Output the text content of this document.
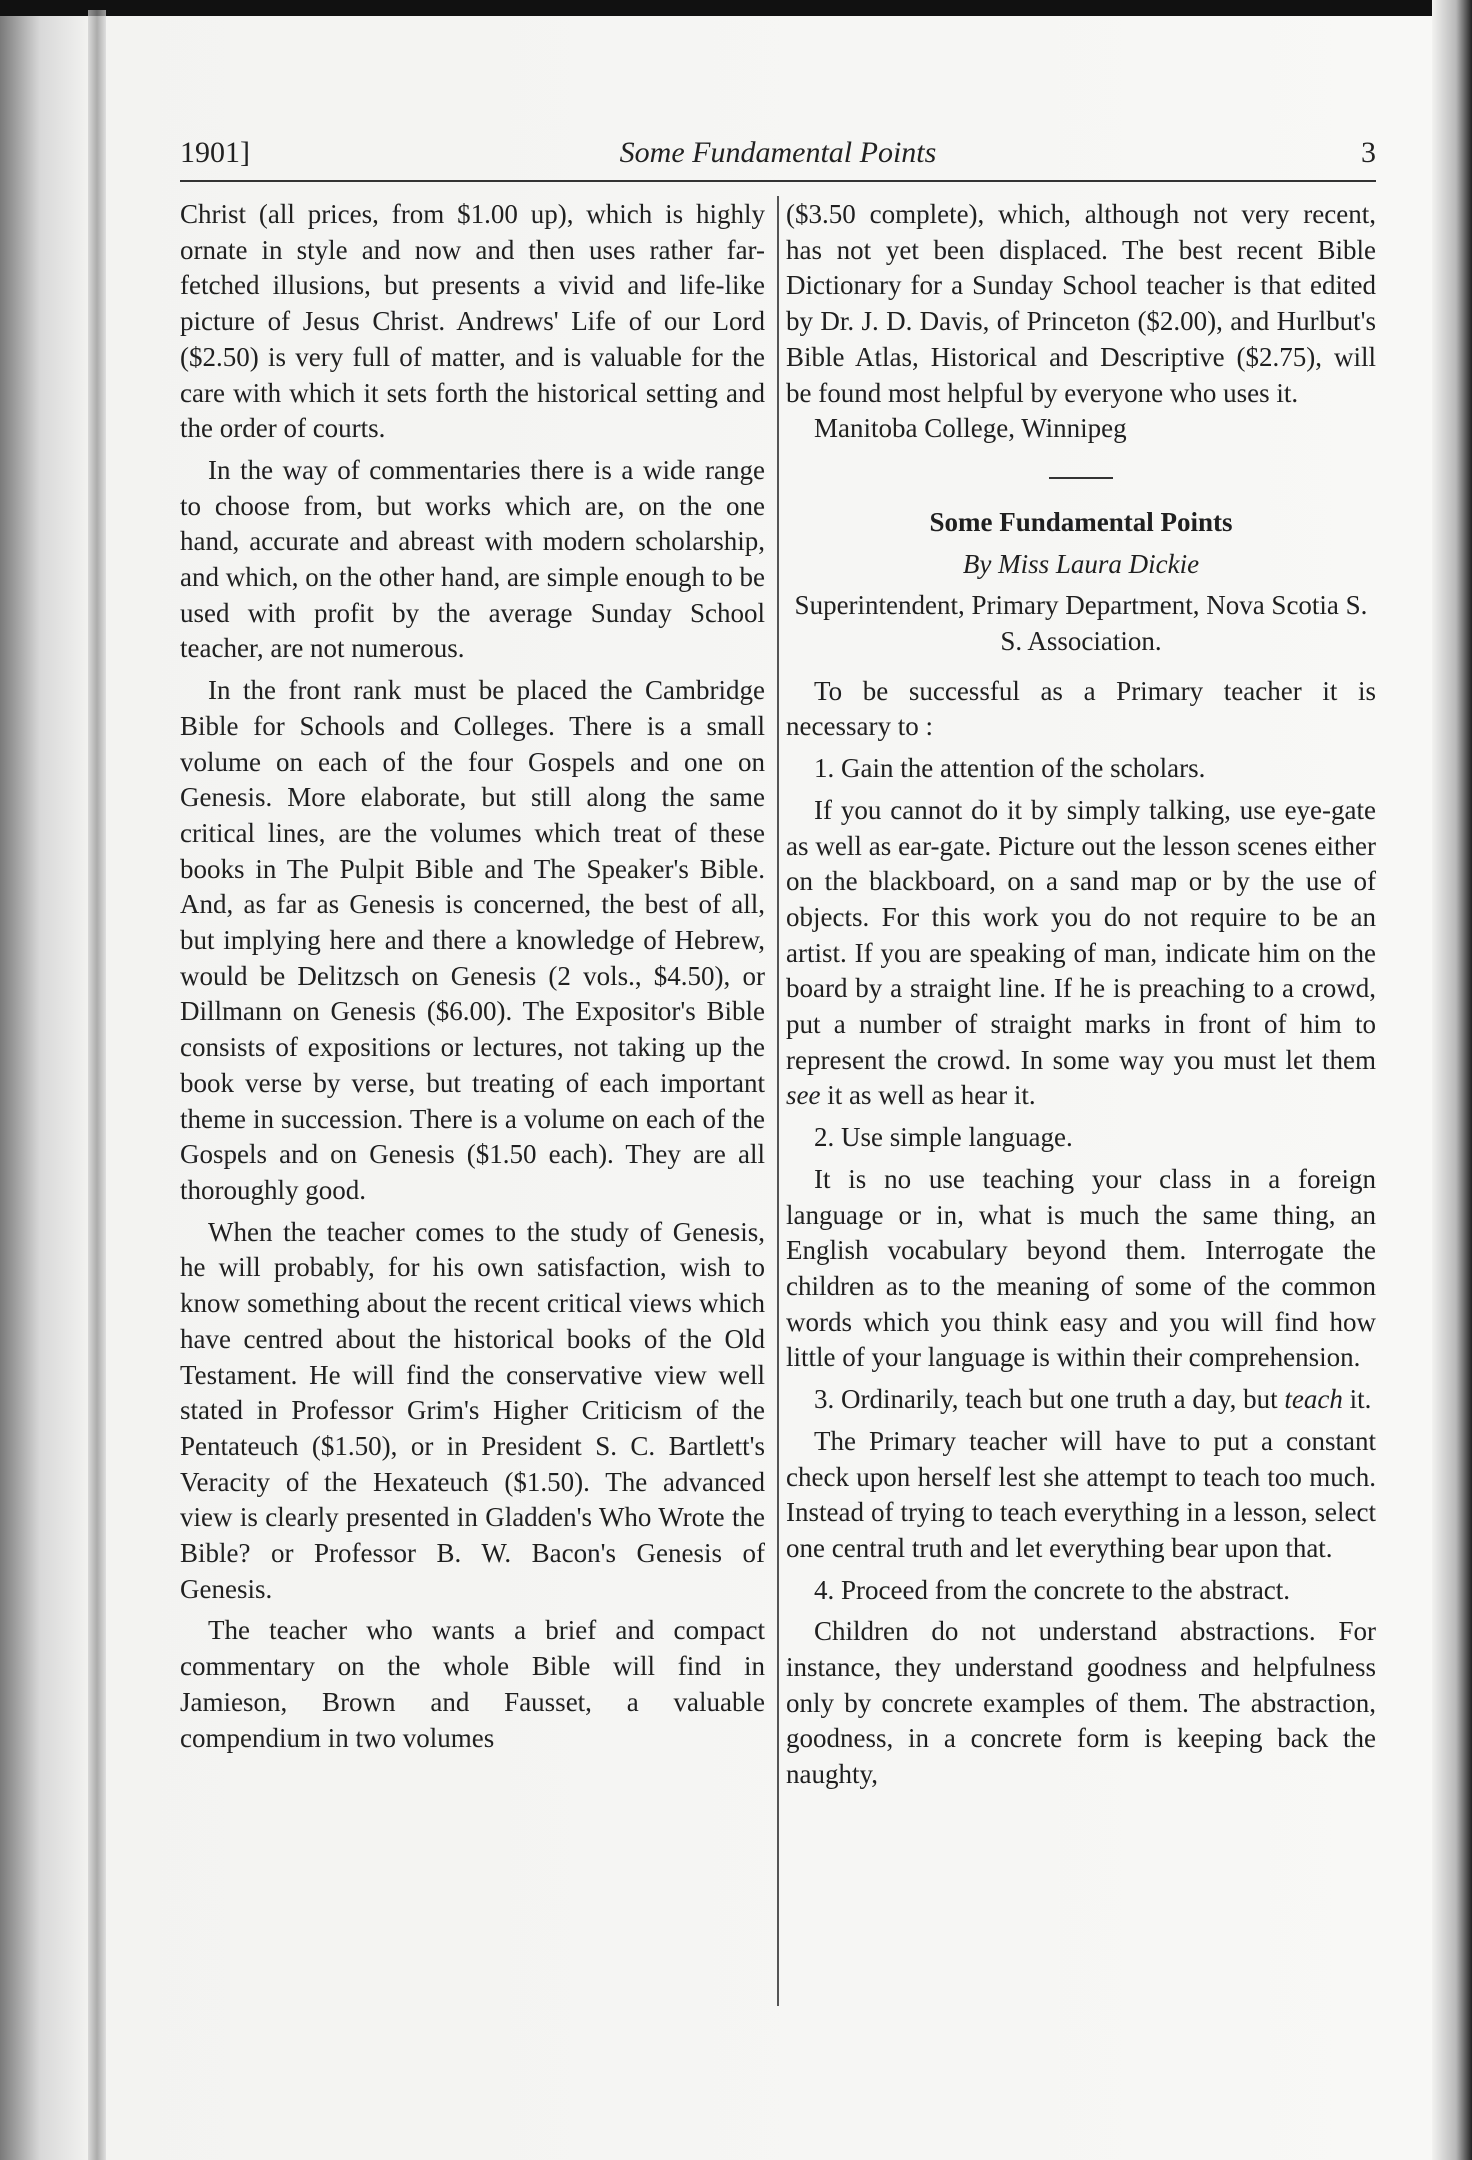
1901]	Some Fundamental Points	3

Christ (all prices, from $1.00 up), which is highly ornate in style and now and then uses rather far-fetched illusions, but presents a vivid and life-like picture of Jesus Christ. Andrews' Life of our Lord ($2.50) is very full of matter, and is valuable for the care with which it sets forth the historical setting and the order of courts.

In the way of commentaries there is a wide range to choose from, but works which are, on the one hand, accurate and abreast with modern scholarship, and which, on the other hand, are simple enough to be used with profit by the average Sunday School teacher, are not numerous.

In the front rank must be placed the Cambridge Bible for Schools and Colleges. There is a small volume on each of the four Gospels and one on Genesis. More elaborate, but still along the same critical lines, are the volumes which treat of these books in The Pulpit Bible and The Speaker's Bible. And, as far as Genesis is concerned, the best of all, but implying here and there a knowledge of Hebrew, would be Delitzsch on Genesis (2 vols., $4.50), or Dillmann on Genesis ($6.00). The Expositor's Bible consists of expositions or lectures, not taking up the book verse by verse, but treating of each important theme in succession. There is a volume on each of the Gospels and on Genesis ($1.50 each). They are all thoroughly good.

When the teacher comes to the study of Genesis, he will probably, for his own satisfaction, wish to know something about the recent critical views which have centred about the historical books of the Old Testament. He will find the conservative view well stated in Professor Grim's Higher Criticism of the Pentateuch ($1.50), or in President S. C. Bartlett's Veracity of the Hexateuch ($1.50). The advanced view is clearly presented in Gladden's Who Wrote the Bible? or Professor B. W. Bacon's Genesis of Genesis.

The teacher who wants a brief and compact commentary on the whole Bible will find in Jamieson, Brown and Fausset, a valuable compendium in two volumes

($3.50 complete), which, although not very recent, has not yet been displaced. The best recent Bible Dictionary for a Sunday School teacher is that edited by Dr. J. D. Davis, of Princeton ($2.00), and Hurlbut's Bible Atlas, Historical and Descriptive ($2.75), will be found most helpful by everyone who uses it.

Manitoba College, Winnipeg

Some Fundamental Points

By Miss Laura Dickie

Superintendent, Primary Department, Nova Scotia S. S. Association.

To be successful as a Primary teacher it is necessary to :

1. Gain the attention of the scholars.

If you cannot do it by simply talking, use eye-gate as well as ear-gate. Picture out the lesson scenes either on the blackboard, on a sand map or by the use of objects. For this work you do not require to be an artist. If you are speaking of man, indicate him on the board by a straight line. If he is preaching to a crowd, put a number of straight marks in front of him to represent the crowd. In some way you must let them see it as well as hear it.

2. Use simple language.

It is no use teaching your class in a foreign language or in, what is much the same thing, an English vocabulary beyond them. Interrogate the children as to the meaning of some of the common words which you think easy and you will find how little of your language is within their comprehension.

3. Ordinarily, teach but one truth a day, but teach it.

The Primary teacher will have to put a constant check upon herself lest she attempt to teach too much. Instead of trying to teach everything in a lesson, select one central truth and let everything bear upon that.

4. Proceed from the concrete to the abstract.

Children do not understand abstractions. For instance, they understand goodness and helpfulness only by concrete examples of them. The abstraction, goodness, in a concrete form is keeping back the naughty,
